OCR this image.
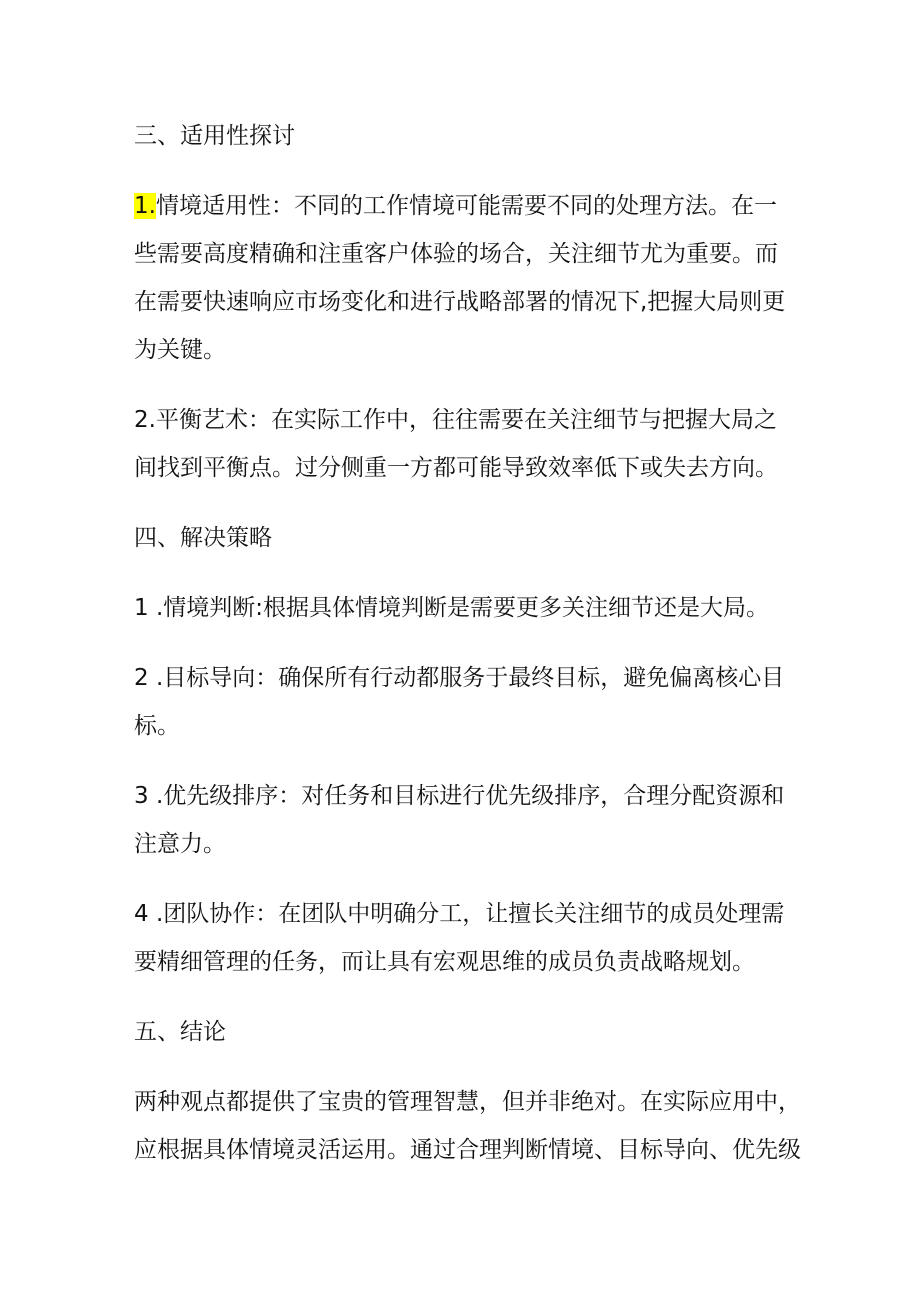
三、适用性探讨

1.情境适用性：不同的工作情境可能需要不同的处理方法。在一

些需要高度精确和注重客户体验的场合，关注细节尤为重要。而

在需要快速响应市场变化和进行战略部署的情况下,把握大局则更

为关键。

2.平衡艺术：在实际工作中，往往需要在关注细节与把握大局之

间找到平衡点。过分侧重一方都可能导致效率低下或失去方向。

四、解决策略

1 .情境判断:根据具体情境判断是需要更多关注细节还是大局。

2 .目标导向：确保所有行动都服务于最终目标，避免偏离核心目

标。

3 .优先级排序：对任务和目标进行优先级排序，合理分配资源和

注意力。

4 .团队协作：在团队中明确分工，让擅长关注细节的成员处理需

要精细管理的任务，而让具有宏观思维的成员负责战略规划。

五、结论

两种观点都提供了宝贵的管理智慧，但并非绝对。在实际应用中，

应根据具体情境灵活运用。通过合理判断情境、目标导向、优先级
